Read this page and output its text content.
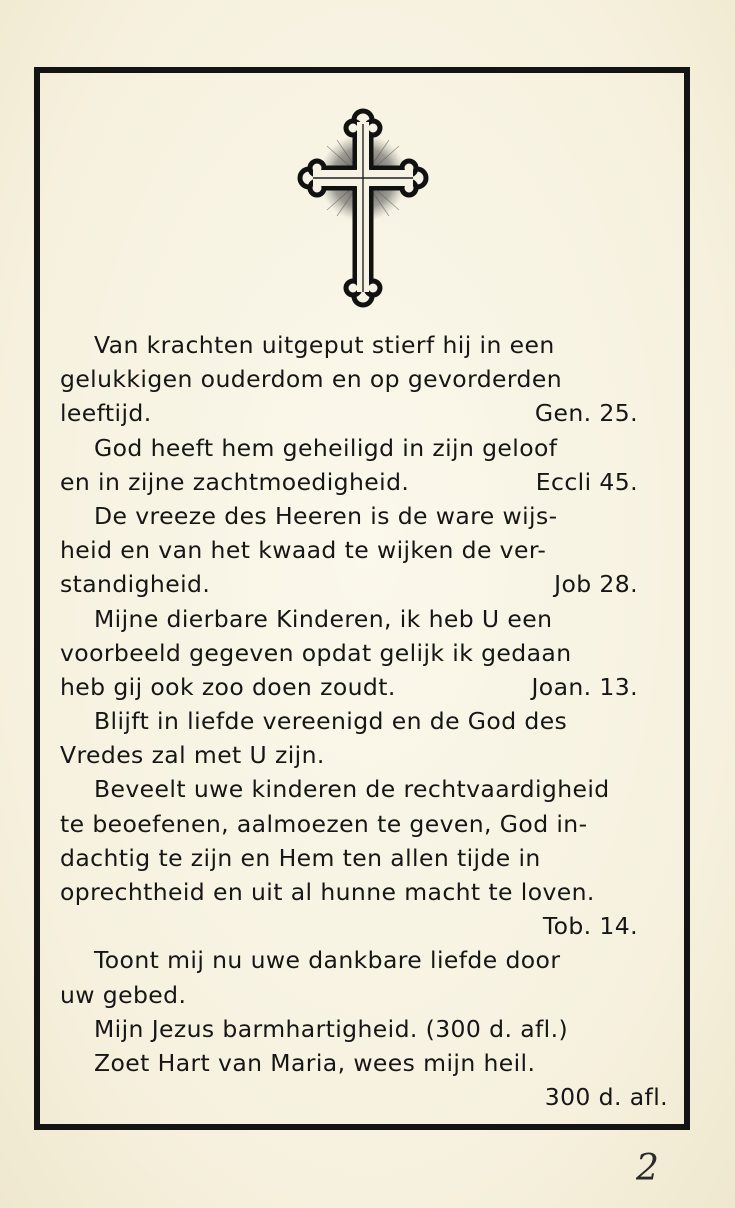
Van krachten uitgeput stierf hij in een
gelukkigen ouderdom en op gevorderden
leeftijd.	Gen. 25.
God heeft hem geheiligd in zijn geloof
en in zijne zachtmoedigheid.	Eccli 45.
De vreeze des Heeren is de ware wijs-
heid en van het kwaad te wijken de ver-
standigheid.	Job 28.
Mijne dierbare Kinderen, ik heb U een
voorbeeld gegeven opdat gelijk ik gedaan
heb gij ook zoo doen zoudt.	Joan. 13.
Blijft in liefde vereenigd en de God des
Vredes zal met U zijn.
Beveelt uwe kinderen de rechtvaardigheid
te beoefenen, aalmoezen te geven, God in-
dachtig te zijn en Hem ten allen tijde in
oprechtheid en uit al hunne macht te loven.
Tob. 14.
Toont mij nu uwe dankbare liefde door
uw gebed.
Mijn Jezus barmhartigheid. (300 d. afl.)
Zoet Hart van Maria, wees mijn heil.
300 d. afl.
2
